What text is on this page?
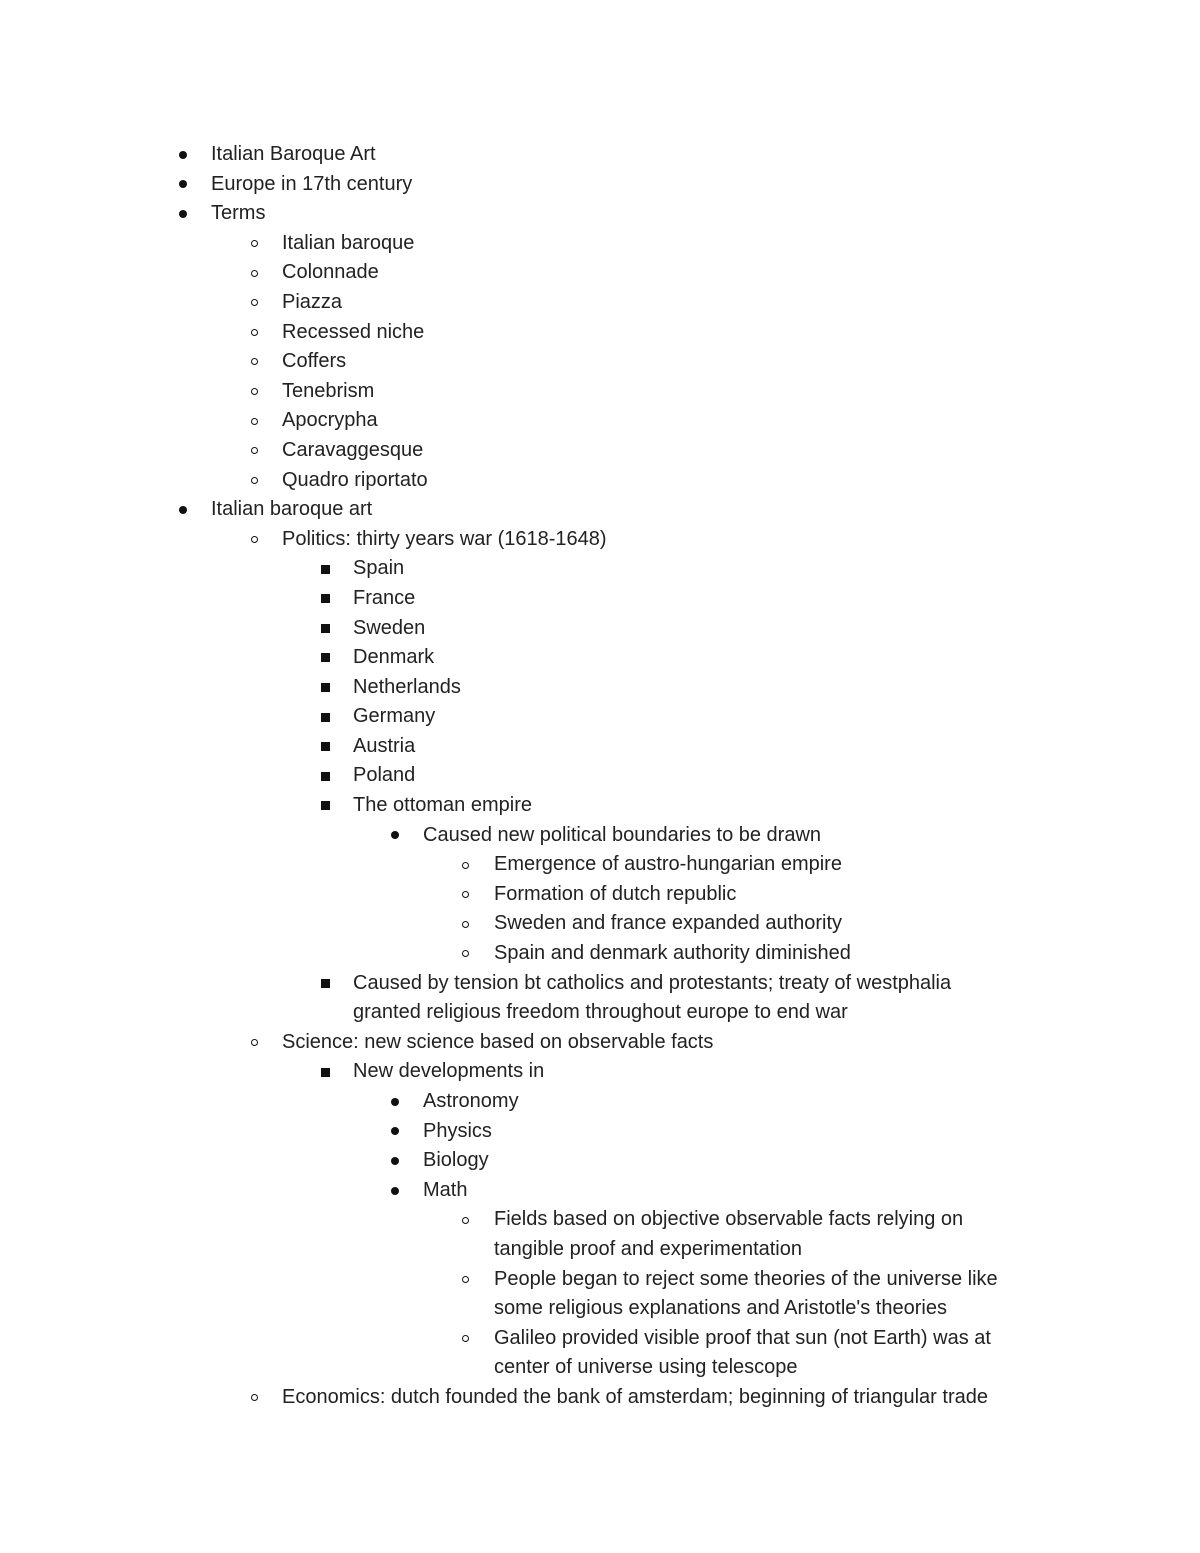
Italian Baroque Art
Europe in 17th century
Terms
Italian baroque
Colonnade
Piazza
Recessed niche
Coffers
Tenebrism
Apocrypha
Caravaggesque
Quadro riportato
Italian baroque art
Politics: thirty years war (1618-1648)
Spain
France
Sweden
Denmark
Netherlands
Germany
Austria
Poland
The ottoman empire
Caused new political boundaries to be drawn
Emergence of austro-hungarian empire
Formation of dutch republic
Sweden and france expanded authority
Spain and denmark authority diminished
Caused by tension bt catholics and protestants; treaty of westphalia
granted religious freedom throughout europe to end war
Science: new science based on observable facts
New developments in
Astronomy
Physics
Biology
Math
Fields based on objective observable facts relying on
tangible proof and experimentation
People began to reject some theories of the universe like
some religious explanations and Aristotle's theories
Galileo provided visible proof that sun (not Earth) was at
center of universe using telescope
Economics: dutch founded the bank of amsterdam; beginning of triangular trade
